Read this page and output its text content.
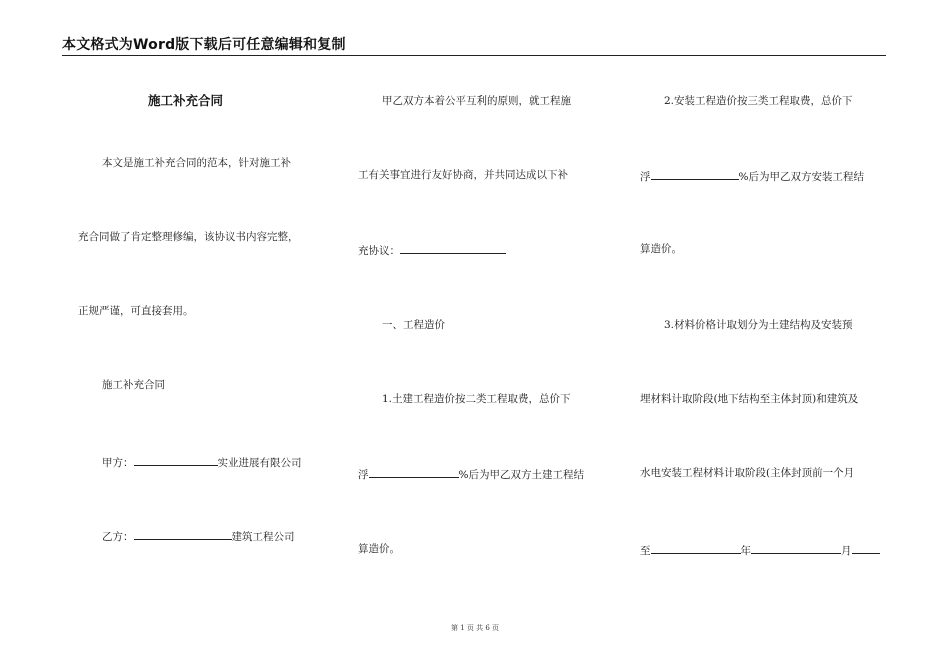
本文格式为Word版下载后可任意编辑和复制
施工补充合同
本文是施工补充合同的范本，针对施工补
充合同做了肯定整理修编，该协议书内容完整，
正规严谨，可直接套用。
施工补充合同
甲方：	实业进展有限公司
乙方：	建筑工程公司
甲乙双方本着公平互利的原则，就工程施
工有关事宜进行友好协商，并共同达成以下补
充协议：
一、工程造价
1.土建工程造价按二类工程取费，总价下
浮	%后为甲乙双方土建工程结
算造价。
2.安装工程造价按三类工程取费，总价下
浮	%后为甲乙双方安装工程结
算造价。
3.材料价格计取划分为土建结构及安装预
埋材料计取阶段(地下结构至主体封顶)和建筑及
水电安装工程材料计取阶段(主体封顶前一个月
至	年	月
第 1 页 共 6 页
